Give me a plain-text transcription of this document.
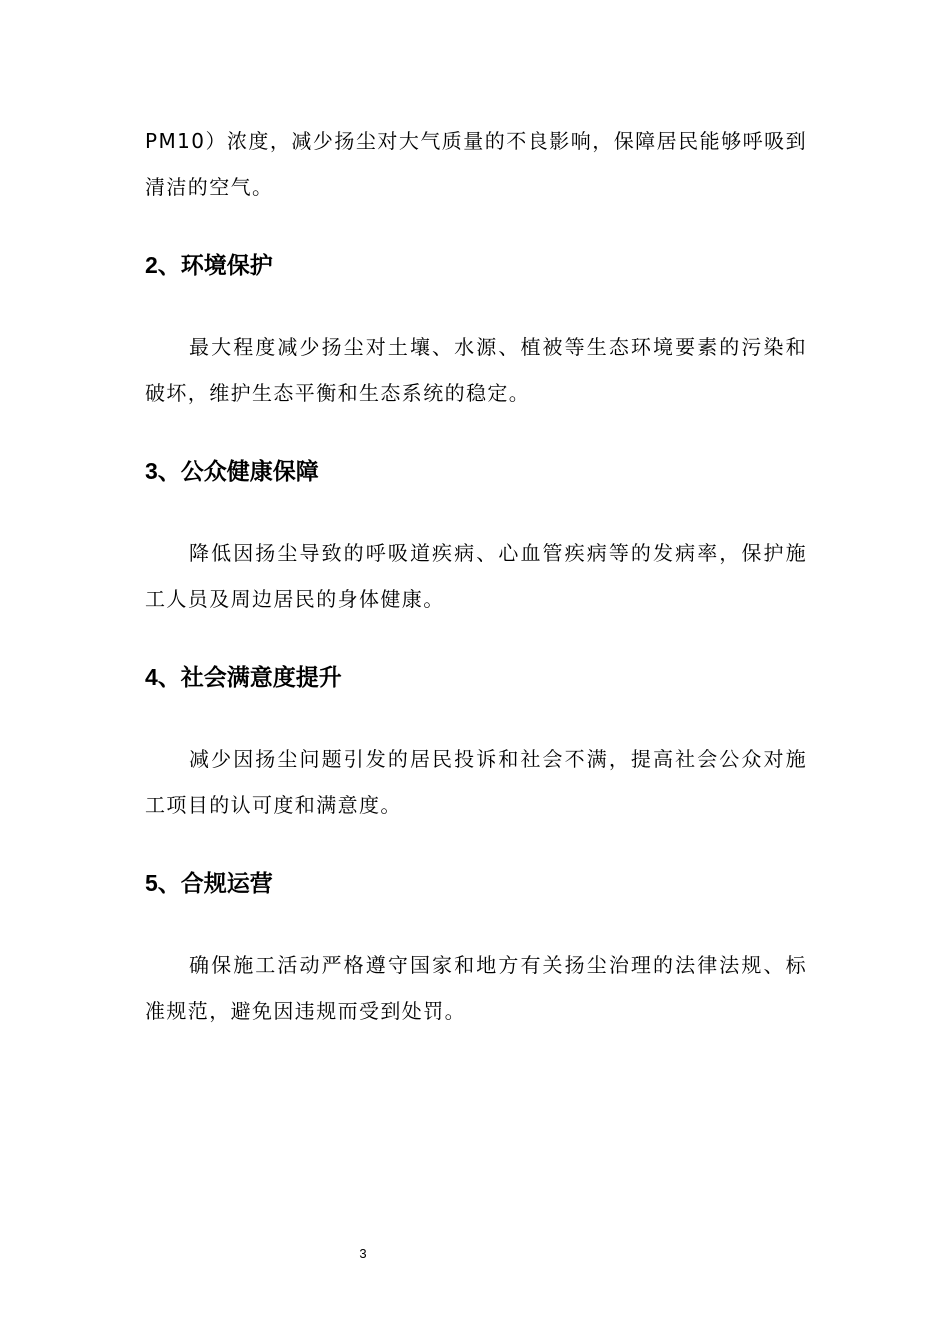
PM10）浓度，减少扬尘对大气质量的不良影响，保障居民能够呼吸到清洁的空气。

2、环境保护

最大程度减少扬尘对土壤、水源、植被等生态环境要素的污染和破坏，维护生态平衡和生态系统的稳定。

3、公众健康保障

降低因扬尘导致的呼吸道疾病、心血管疾病等的发病率，保护施工人员及周边居民的身体健康。

4、社会满意度提升

减少因扬尘问题引发的居民投诉和社会不满，提高社会公众对施工项目的认可度和满意度。

5、合规运营

确保施工活动严格遵守国家和地方有关扬尘治理的法律法规、标准规范，避免因违规而受到处罚。

3
